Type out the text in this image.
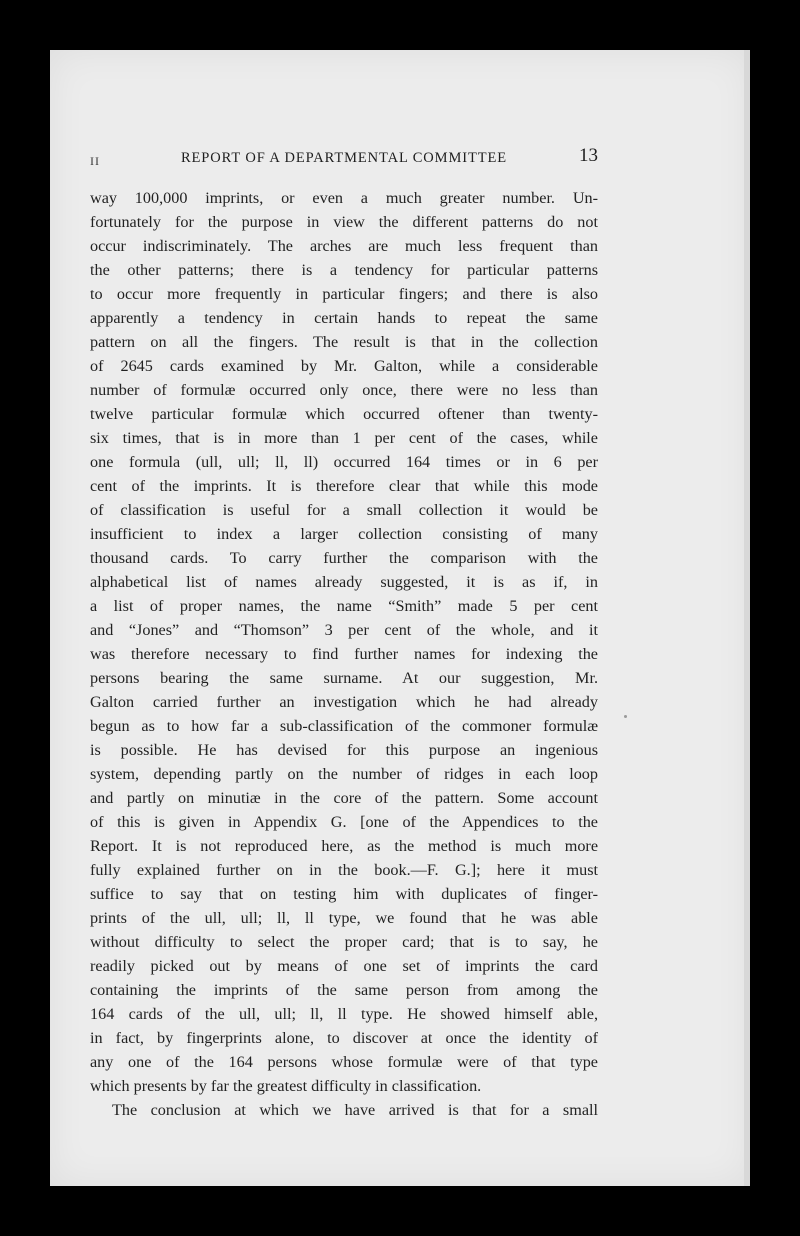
II	REPORT OF A DEPARTMENTAL COMMITTEE	13
way 100,000 imprints, or even a much greater number. Un-
fortunately for the purpose in view the different patterns do not
occur indiscriminately. The arches are much less frequent than
the other patterns; there is a tendency for particular patterns
to occur more frequently in particular fingers; and there is also
apparently a tendency in certain hands to repeat the same
pattern on all the fingers. The result is that in the collection
of 2645 cards examined by Mr. Galton, while a considerable
number of formulæ occurred only once, there were no less than
twelve particular formulæ which occurred oftener than twenty-
six times, that is in more than 1 per cent of the cases, while
one formula (ull, ull; ll, ll) occurred 164 times or in 6 per
cent of the imprints. It is therefore clear that while this mode
of classification is useful for a small collection it would be
insufficient to index a larger collection consisting of many
thousand cards. To carry further the comparison with the
alphabetical list of names already suggested, it is as if, in
a list of proper names, the name “Smith” made 5 per cent
and “Jones” and “Thomson” 3 per cent of the whole, and it
was therefore necessary to find further names for indexing the
persons bearing the same surname. At our suggestion, Mr.
Galton carried further an investigation which he had already
begun as to how far a sub-classification of the commoner formulæ
is possible. He has devised for this purpose an ingenious
system, depending partly on the number of ridges in each loop
and partly on minutiæ in the core of the pattern. Some account
of this is given in Appendix G. [one of the Appendices to the
Report. It is not reproduced here, as the method is much more
fully explained further on in the book.—F. G.]; here it must
suffice to say that on testing him with duplicates of finger-
prints of the ull, ull; ll, ll type, we found that he was able
without difficulty to select the proper card; that is to say, he
readily picked out by means of one set of imprints the card
containing the imprints of the same person from among the
164 cards of the ull, ull; ll, ll type. He showed himself able,
in fact, by fingerprints alone, to discover at once the identity of
any one of the 164 persons whose formulæ were of that type
which presents by far the greatest difficulty in classification.
The conclusion at which we have arrived is that for a small
